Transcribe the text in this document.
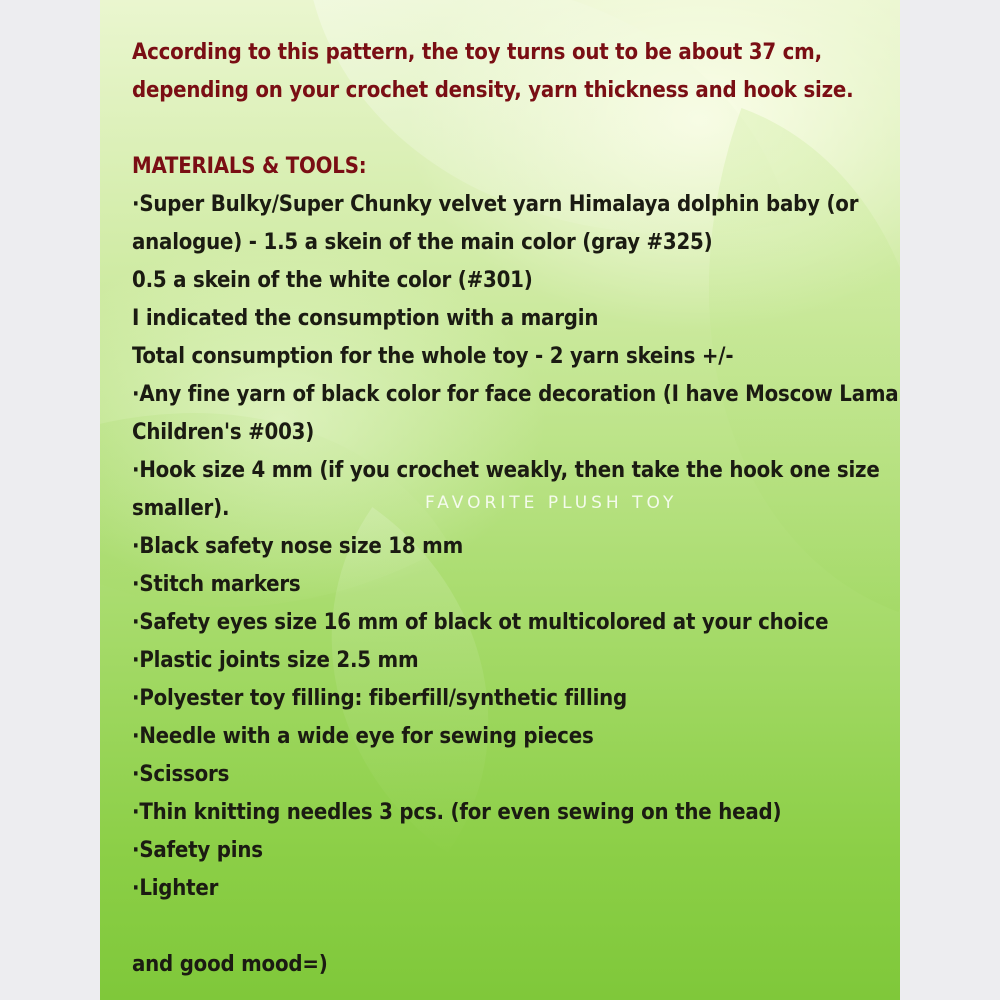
According to this pattern, the toy turns out to be about 37 cm,
depending on your crochet density, yarn thickness and hook size.
MATERIALS & TOOLS:
·Super Bulky/Super Chunky velvet yarn Himalaya dolphin baby (or
analogue) - 1.5 a skein of the main color (gray #325)
0.5 a skein of the white color (#301)
I indicated the consumption with a margin
Total consumption for the whole toy - 2 yarn skeins +/-
·Any fine yarn of black color for face decoration (I have Moscow Lama
Children's #003)
·Hook size 4 mm (if you crochet weakly, then take the hook one size
smaller).
·Black safety nose size 18 mm
·Stitch markers
·Safety eyes size 16 mm of black ot multicolored at your choice
·Plastic joints size 2.5 mm
·Polyester toy filling: fiberfill/synthetic filling
·Needle with a wide eye for sewing pieces
·Scissors
·Thin knitting needles 3 pcs. (for even sewing on the head)
·Safety pins
·Lighter
and good mood=)
FAVORITE PLUSH TOY
